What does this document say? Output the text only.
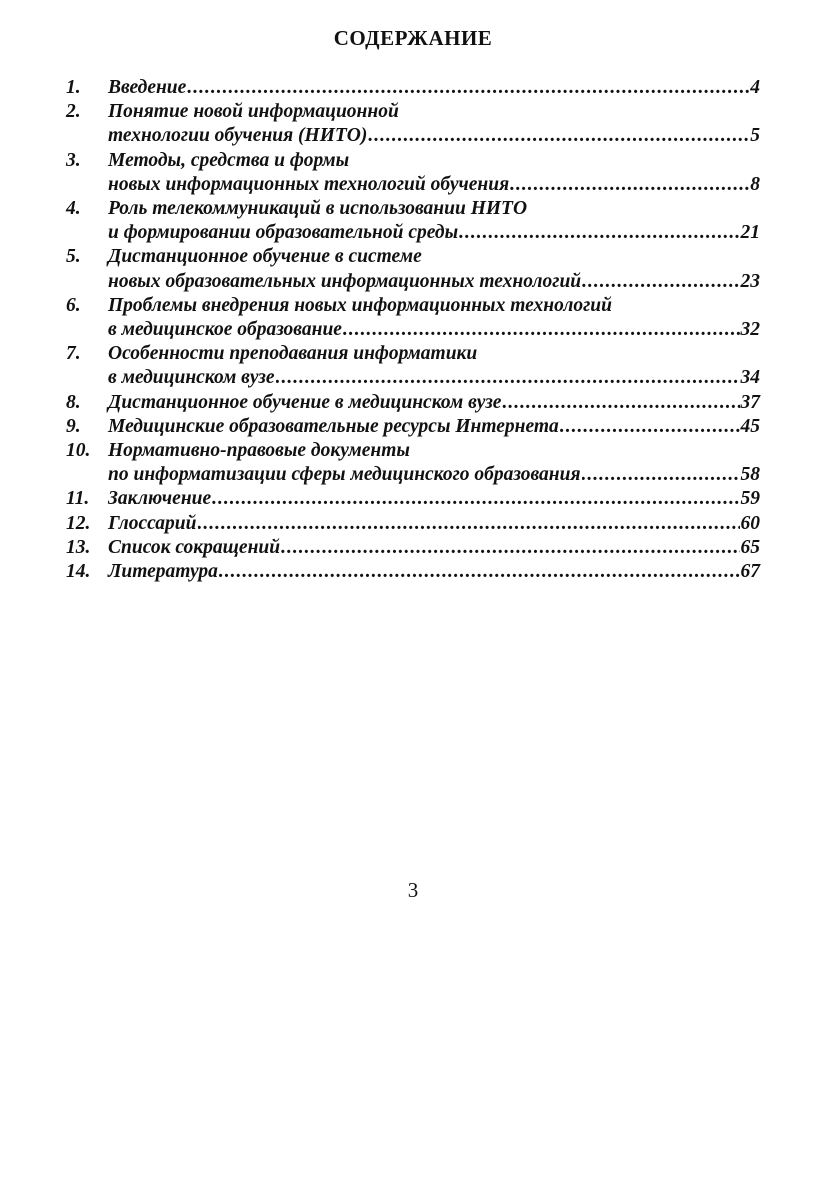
СОДЕРЖАНИЕ
1. Введение .....	4
2. Понятие новой информационной
технологии обучения (НИТО) .....	5
3. Методы, средства и формы
новых информационных технологий обучения .....	8
4. Роль телекоммуникаций в использовании НИТО
и формировании образовательной среды .....	21
5. Дистанционное обучение в системе
новых образовательных информационных технологий .....	23
6. Проблемы внедрения новых информационных технологий
в медицинское образование .....	32
7. Особенности преподавания информатики
в медицинском вузе .....	34
8. Дистанционное обучение в медицинском вузе .....	37
9. Медицинские образовательные ресурсы Интернета .....	45
10. Нормативно-правовые документы
по информатизации сферы медицинского образования .....	58
11. Заключение .....	59
12. Глоссарий .....	60
13. Список сокращений .....	65
14. Литература .....	67
3
